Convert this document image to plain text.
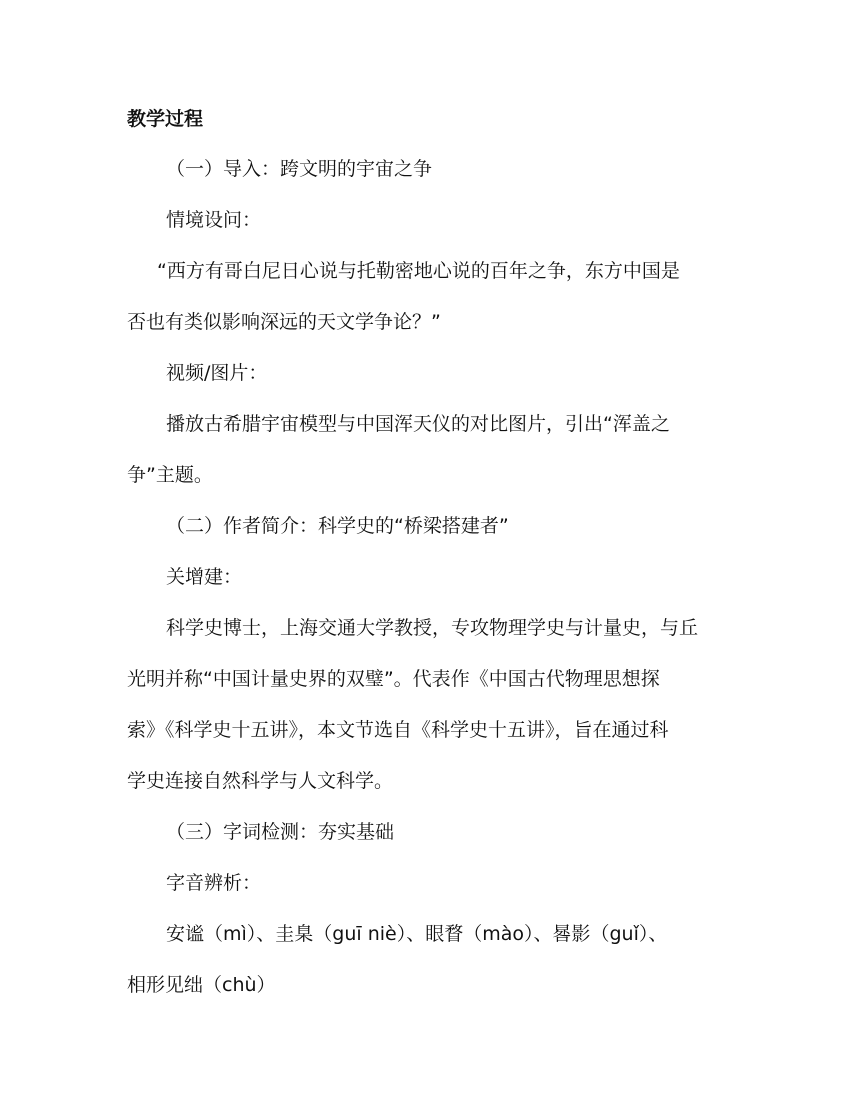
教学过程
（一）导入：跨文明的宇宙之争
情境设问：
“西方有哥白尼日心说与托勒密地心说的百年之争，东方中国是
否也有类似影响深远的天文学争论？”
视频/图片：
播放古希腊宇宙模型与中国浑天仪的对比图片，引出“浑盖之
争”主题。
（二）作者简介：科学史的“桥梁搭建者”
关增建：
科学史博士，上海交通大学教授，专攻物理学史与计量史，与丘
光明并称“中国计量史界的双璧”。代表作《中国古代物理思想探
索》《科学史十五讲》，本文节选自《科学史十五讲》，旨在通过科
学史连接自然科学与人文科学。
（三）字词检测：夯实基础
字音辨析：
安谧（mì）、圭臬（guī niè）、眼瞀（mào）、晷影（guǐ）、
相形见绌（chù）
